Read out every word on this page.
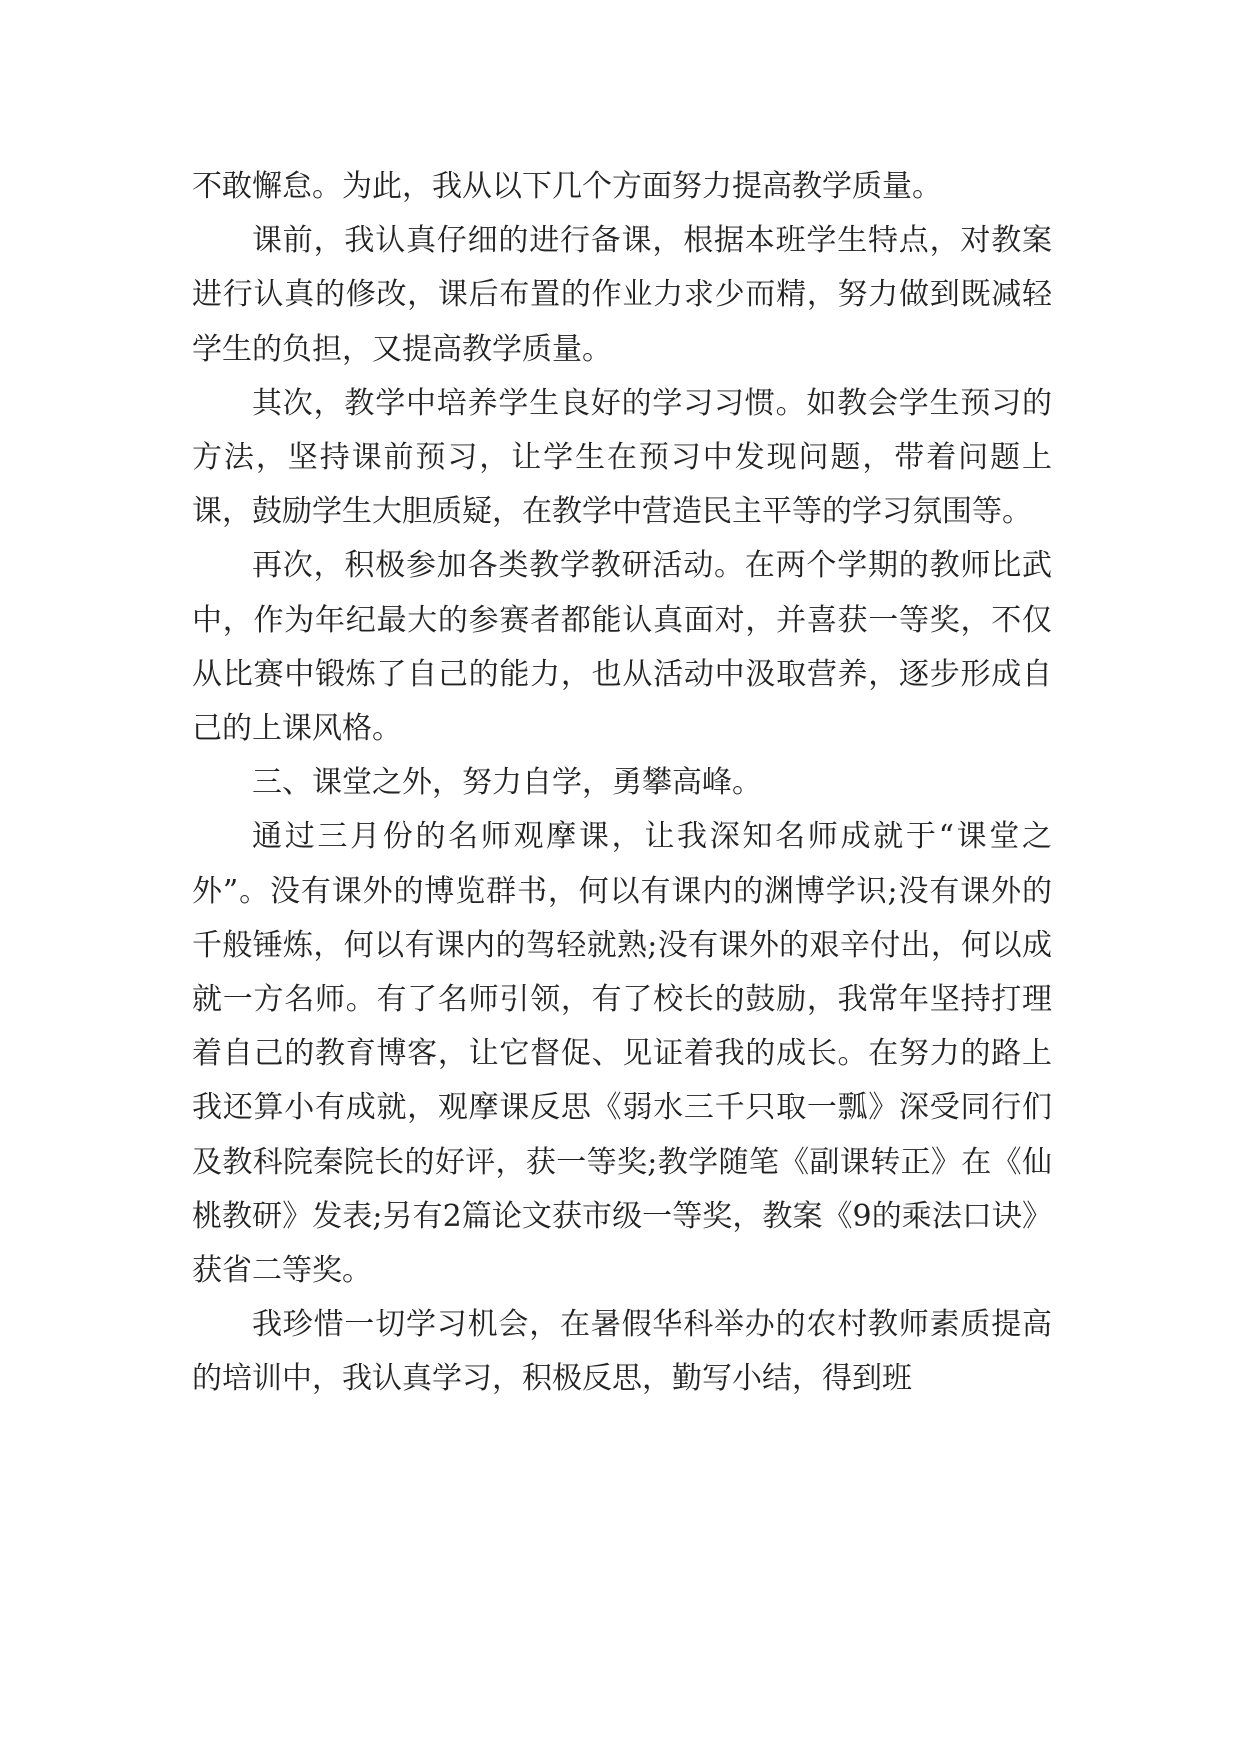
不敢懈怠。为此，我从以下几个方面努力提高教学质量。

课前，我认真仔细的进行备课，根据本班学生特点，对教案进行认真的修改，课后布置的作业力求少而精，努力做到既减轻学生的负担，又提高教学质量。

其次，教学中培养学生良好的学习习惯。如教会学生预习的方法，坚持课前预习，让学生在预习中发现问题，带着问题上课，鼓励学生大胆质疑，在教学中营造民主平等的学习氛围等。

再次，积极参加各类教学教研活动。在两个学期的教师比武中，作为年纪最大的参赛者都能认真面对，并喜获一等奖，不仅从比赛中锻炼了自己的能力，也从活动中汲取营养，逐步形成自己的上课风格。

三、课堂之外，努力自学，勇攀高峰。

通过三月份的名师观摩课，让我深知名师成就于“课堂之外”。没有课外的博览群书，何以有课内的渊博学识;没有课外的千般锤炼，何以有课内的驾轻就熟;没有课外的艰辛付出，何以成就一方名师。有了名师引领，有了校长的鼓励，我常年坚持打理着自己的教育博客，让它督促、见证着我的成长。在努力的路上我还算小有成就，观摩课反思《弱水三千只取一瓢》深受同行们及教科院秦院长的好评，获一等奖;教学随笔《副课转正》在《仙桃教研》发表;另有2篇论文获市级一等奖，教案《9的乘法口诀》获省二等奖。

我珍惜一切学习机会，在暑假华科举办的农村教师素质提高的培训中，我认真学习，积极反思，勤写小结，得到班
